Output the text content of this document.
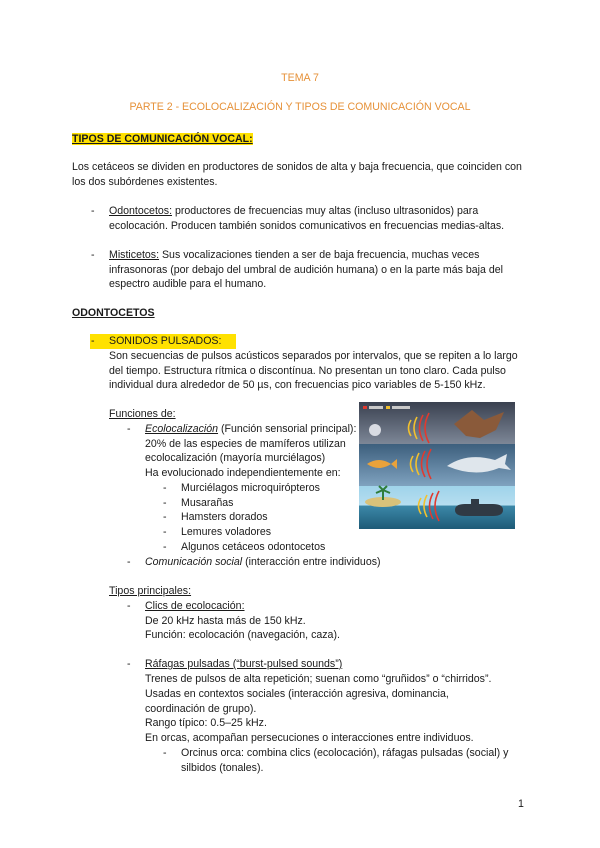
TEMA 7
PARTE 2 - ECOLOCALIZACIÓN Y TIPOS DE COMUNICACIÓN VOCAL
TIPOS DE COMUNICACIÓN VOCAL:

Los cetáceos se dividen en productores de sonidos de alta y baja frecuencia, que coinciden con los dos subórdenes existentes.

- Odontocetos: productores de frecuencias muy altas (incluso ultrasonidos) para ecolocación. Producen también sonidos comunicativos en frecuencias medias-altas.

- Misticetos: Sus vocalizaciones tienden a ser de baja frecuencia, muchas veces infrasonoras (por debajo del umbral de audición humana) o en la parte más baja del espectro audible para el humano.

ODONTOCETOS
- SONIDOS PULSADOS:

Son secuencias de pulsos acústicos separados por intervalos, que se repiten a lo largo del tiempo. Estructura rítmica o discontínua. No presentan un tono claro. Cada pulso individual dura alrededor de 50 µs, con frecuencias pico variables de 5-150 kHz.

Funciones de:
- Ecolocalización (Función sensorial principal):
20% de las especies de mamíferos utilizan
ecolocalización (mayoría murciélagos)
Ha evolucionado independientemente en:
- Murciélagos microquirópteros
- Musarañas
- Hamsters dorados
- Lemures voladores
- Algunos cetáceos odontocetos
- Comunicación social (interacción entre individuos)
Tipos principales:
- Clics de ecolocación:
De 20 kHz hasta más de 150 kHz.
Función: ecolocación (navegación, caza).
- Ráfagas pulsadas (“burst-pulsed sounds”)
Trenes de pulsos de alta repetición; suenan como “gruñidos” o “chirridos”.

Usadas en contextos sociales (interacción agresiva, dominancia, coordinación de grupo).

Rango típico: 0.5–25 kHz.
En orcas, acompañan persecuciones o interacciones entre individuos.
- Orcinus orca: combina clics (ecolocación), ráfagas pulsadas (social) y silbidos (tonales).

1
